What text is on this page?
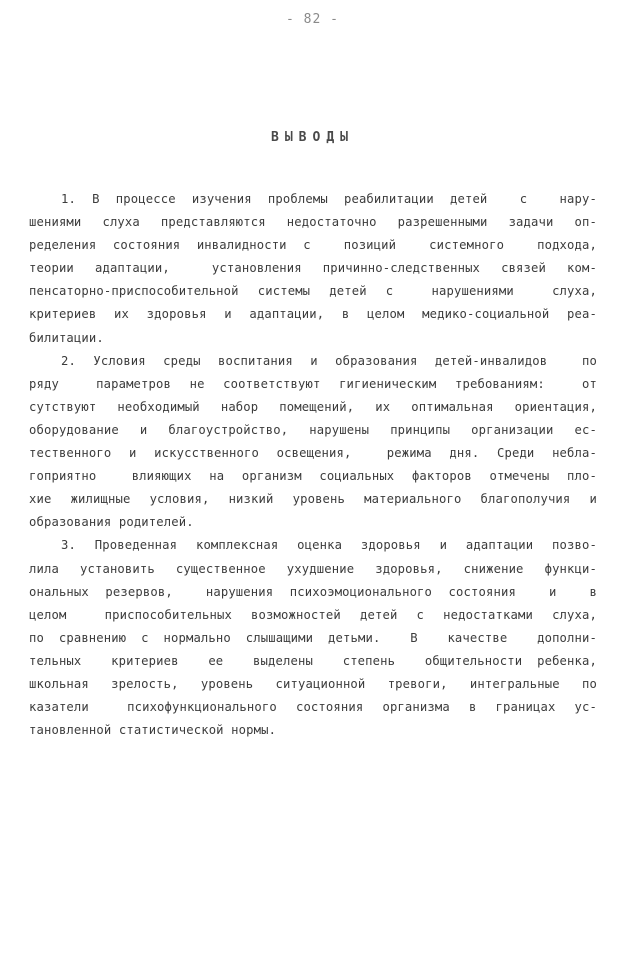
- 82 -
ВЫВОДЫ

1. В процессе изучения проблемы реабилитации детей  с  нару-
шениями слуха представляются недостаточно разрешенными задачи оп-
ределения состояния инвалидности с  позиций  системного  подхода,
теории адаптации,  установления причинно-следственных связей ком-
пенсаторно-приспособительной системы детей с  нарушениями  слуха,
критериев их здоровья и адаптации, в целом медико-социальной реа-
билитации.

2. Условия среды воспитания и образования детей-инвалидов  по
ряду  параметров не соответствуют гигиеническим требованиям:  от
сутствуют необходимый набор помещений, их оптимальная ориентация,
оборудование и благоустройство, нарушены принципы организации ес-
тественного и искусственного освещения,  режима дня. Среди небла-
гоприятно  влияющих на организм социальных факторов отмечены пло-
хие жилищные условия, низкий уровень материального благополучия и
образования родителей.

3. Проведенная комплексная оценка здоровья и адаптации позво-
лила установить существенное ухудшение здоровья, снижение функци-
ональных резервов,  нарушения психоэмоционального состояния  и  в
целом  приспособительных возможностей детей с недостатками слуха,
по сравнению с нормально слышащими детьми.  В  качестве  дополни-
тельных  критериев  ее  выделены  степень  общительности ребенка,
школьная зрелость, уровень ситуационной тревоги, интегральные по
казатели  психофункционального состояния организма в границах ус-
тановленной статистической нормы.
